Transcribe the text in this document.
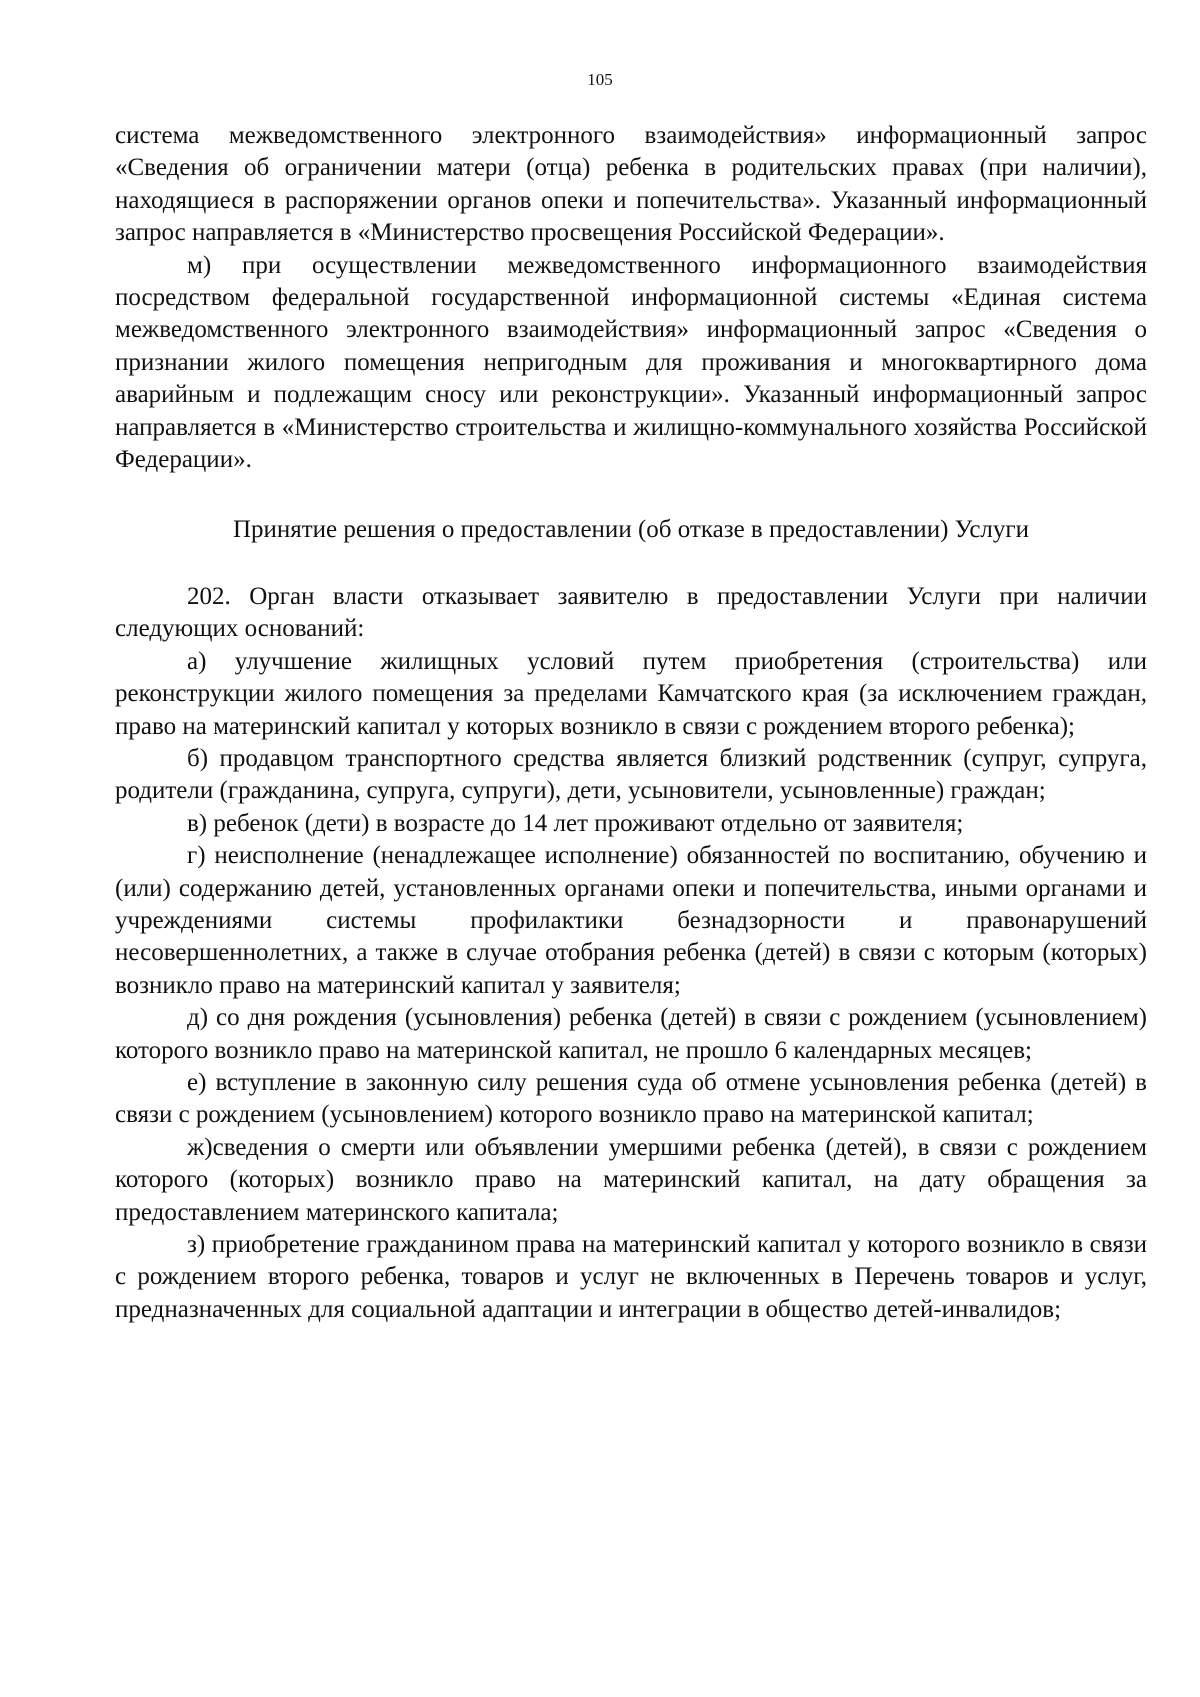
105

система межведомственного электронного взаимодействия» информационный запрос «Сведения об ограничении матери (отца) ребенка в родительских правах (при наличии), находящиеся в распоряжении органов опеки и попечительства». Указанный информационный запрос направляется в «Министерство просвещения Российской Федерации».

м) при осуществлении межведомственного информационного взаимодействия посредством федеральной государственной информационной системы «Единая система межведомственного электронного взаимодействия» информационный запрос «Сведения о признании жилого помещения непригодным для проживания и многоквартирного дома аварийным и подлежащим сносу или реконструкции». Указанный информационный запрос направляется в «Министерство строительства и жилищно-коммунального хозяйства Российской Федерации».

Принятие решения о предоставлении (об отказе в предоставлении) Услуги

202. Орган власти отказывает заявителю в предоставлении Услуги при наличии следующих оснований:

а) улучшение жилищных условий путем приобретения (строительства) или реконструкции жилого помещения за пределами Камчатского края (за исключением граждан, право на материнский капитал у которых возникло в связи с рождением второго ребенка);

б) продавцом транспортного средства является близкий родственник (супруг, супруга, родители (гражданина, супруга, супруги), дети, усыновители, усыновленные) граждан;

в) ребенок (дети) в возрасте до 14 лет проживают отдельно от заявителя;

г) неисполнение (ненадлежащее исполнение) обязанностей по воспитанию, обучению и (или) содержанию детей, установленных органами опеки и попечительства, иными органами и учреждениями системы профилактики безнадзорности и правонарушений несовершеннолетних, а также в случае отобрания ребенка (детей) в связи с которым (которых) возникло право на материнский капитал у заявителя;

д) со дня рождения (усыновления) ребенка (детей) в связи с рождением (усыновлением) которого возникло право на материнской капитал, не прошло 6 календарных месяцев;

е) вступление в законную силу решения суда об отмене усыновления ребенка (детей) в связи с рождением (усыновлением) которого возникло право на материнской капитал;

ж)сведения о смерти или объявлении умершими ребенка (детей), в связи с рождением которого (которых) возникло право на материнский капитал, на дату обращения за предоставлением материнского капитала;

з) приобретение гражданином права на материнский капитал у которого возникло в связи с рождением второго ребенка, товаров и услуг не включенных в Перечень товаров и услуг, предназначенных для социальной адаптации и интеграции в общество детей-инвалидов;
